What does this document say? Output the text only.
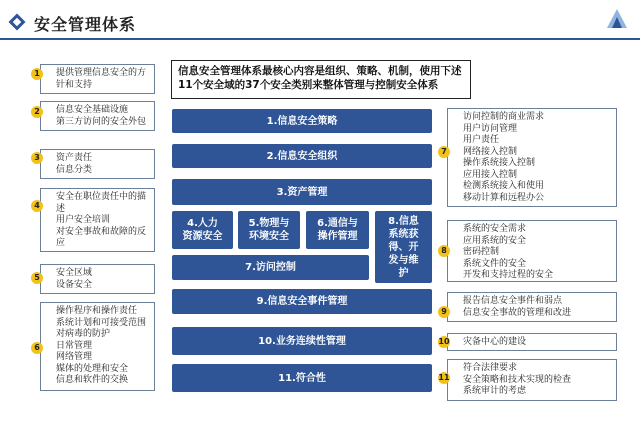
安全管理体系
信息安全管理体系最核心内容是组织、策略、机制，使用下述11个安全域的37个安全类别来整体管理与控制安全体系
1.信息安全策略
2.信息安全组织
3.资产管理
4.人力
资源安全
5.物理与
环境安全
6.通信与
操作管理
8.信息
系统获
得、开
发与维
护
7.访问控制
9.信息安全事件管理
10.业务连续性管理
11.符合性
提供管理信息安全的方
针和支持
1
信息安全基础设施
第三方访问的安全外包
2
资产责任
信息分类
3
安全在职位责任中的描
述
用户安全培训
对安全事故和故障的反
应
4
安全区域
设备安全
5
操作程序和操作责任
系统计划和可接受范围
对病毒的防护
日常管理
网络管理
媒体的处理和安全
信息和软件的交换
6
访问控制的商业需求
用户访问管理
用户责任
网络接入控制
操作系统接入控制
应用接入控制
检测系统接入和使用
移动计算和远程办公
7
系统的安全需求
应用系统的安全
密码控制
系统文件的安全
开发和支持过程的安全
8
报告信息安全事件和弱点
信息安全事故的管理和改进
9
灾备中心的建设
10
符合法律要求
安全策略和技术实现的检查
系统审计的考虑
11
